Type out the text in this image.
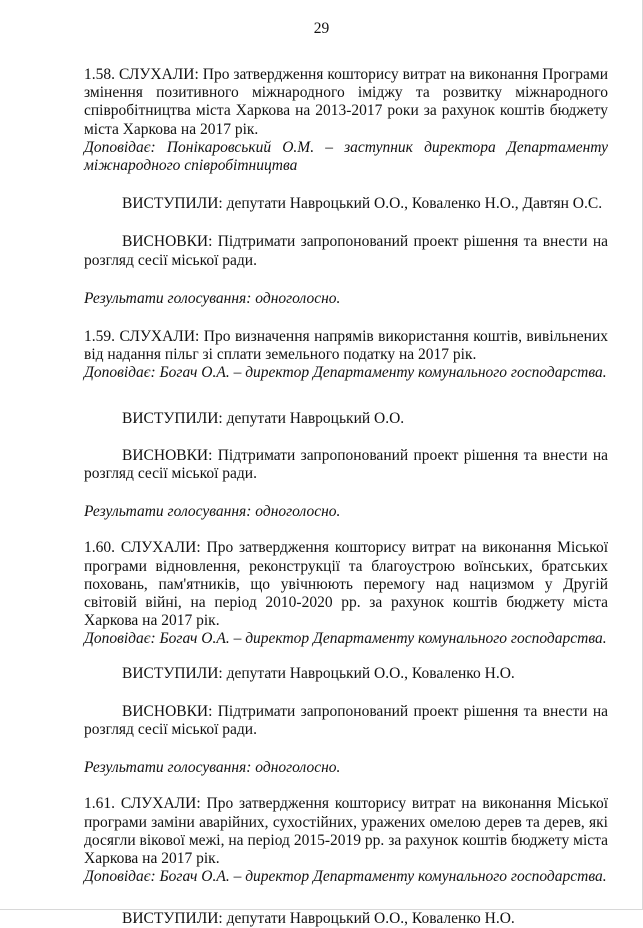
29
1.58. СЛУХАЛИ: Про затвердження кошторису витрат на виконання Програми змінення позитивного міжнародного іміджу та розвитку міжнародного співробітництва міста Харкова на 2013-2017 роки за рахунок коштів бюджету міста Харкова на 2017 рік.
Доповідає: Понікаровський О.М. – заступник директора Департаменту міжнародного співробітництва
ВИСТУПИЛИ: депутати Навроцький О.О., Коваленко Н.О., Давтян О.С.
ВИСНОВКИ: Підтримати запропонований проект рішення та внести на розгляд сесії міської ради.
Результати голосування: одноголосно.
1.59. СЛУХАЛИ: Про визначення напрямів використання коштів, вивільнених від надання пільг зі сплати земельного податку на 2017 рік.
Доповідає: Богач О.А. – директор Департаменту комунального господарства.
ВИСТУПИЛИ: депутати Навроцький О.О.
ВИСНОВКИ: Підтримати запропонований проект рішення та внести на розгляд сесії міської ради.
Результати голосування: одноголосно.
1.60. СЛУХАЛИ: Про затвердження кошторису витрат на виконання Міської програми відновлення, реконструкції та благоустрою воїнських, братських поховань, пам'ятників, що увічнюють перемогу над нацизмом у Другій світовій війні, на період 2010-2020 рр. за рахунок коштів бюджету міста Харкова на 2017 рік.
Доповідає: Богач О.А. – директор Департаменту комунального господарства.
ВИСТУПИЛИ: депутати Навроцький О.О., Коваленко Н.О.
ВИСНОВКИ: Підтримати запропонований проект рішення та внести на розгляд сесії міської ради.
Результати голосування: одноголосно.
1.61. СЛУХАЛИ: Про затвердження кошторису витрат на виконання Міської програми заміни аварійних, сухостійних, уражених омелою дерев та дерев, які досягли вікової межі, на період 2015-2019 рр. за рахунок коштів бюджету міста Харкова на 2017 рік.
Доповідає: Богач О.А. – директор Департаменту комунального господарства.
ВИСТУПИЛИ: депутати Навроцький О.О., Коваленко Н.О.
